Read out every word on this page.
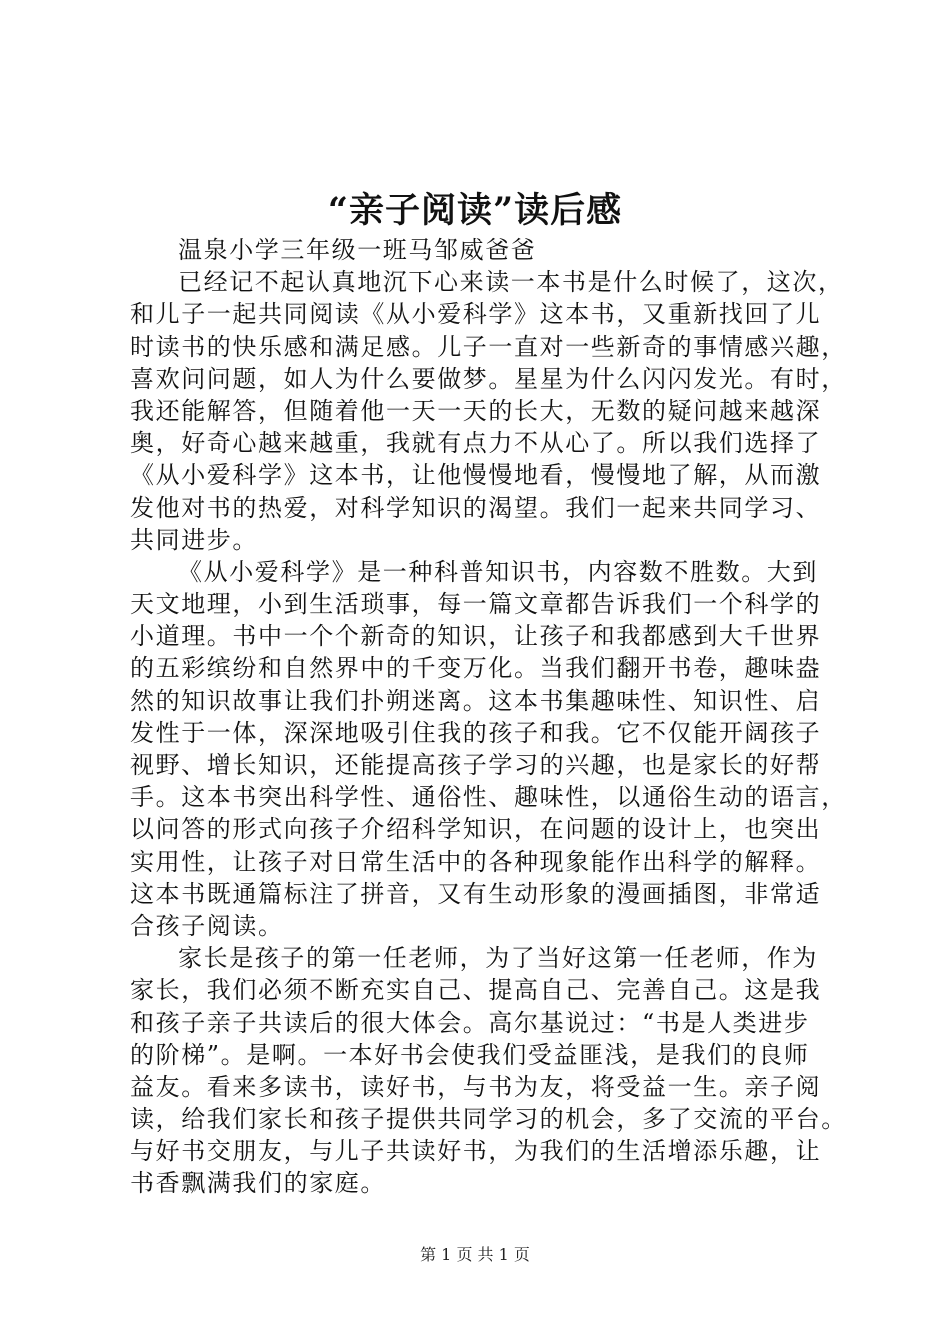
“亲子阅读”读后感
温泉小学三年级一班马邹威爸爸
已经记不起认真地沉下心来读一本书是什么时候了，这次，
和儿子一起共同阅读《从小爱科学》这本书，又重新找回了儿
时读书的快乐感和满足感。儿子一直对一些新奇的事情感兴趣，
喜欢问问题，如人为什么要做梦。星星为什么闪闪发光。有时，
我还能解答，但随着他一天一天的长大，无数的疑问越来越深
奥，好奇心越来越重，我就有点力不从心了。所以我们选择了
《从小爱科学》这本书，让他慢慢地看，慢慢地了解，从而激
发他对书的热爱，对科学知识的渴望。我们一起来共同学习、
共同进步。
《从小爱科学》是一种科普知识书，内容数不胜数。大到
天文地理，小到生活琐事，每一篇文章都告诉我们一个科学的
小道理。书中一个个新奇的知识，让孩子和我都感到大千世界
的五彩缤纷和自然界中的千变万化。当我们翻开书卷，趣味盎
然的知识故事让我们扑朔迷离。这本书集趣味性、知识性、启
发性于一体，深深地吸引住我的孩子和我。它不仅能开阔孩子
视野、增长知识，还能提高孩子学习的兴趣，也是家长的好帮
手。这本书突出科学性、通俗性、趣味性，以通俗生动的语言，
以问答的形式向孩子介绍科学知识，在问题的设计上，也突出
实用性，让孩子对日常生活中的各种现象能作出科学的解释。
这本书既通篇标注了拼音，又有生动形象的漫画插图，非常适
合孩子阅读。
家长是孩子的第一任老师，为了当好这第一任老师，作为
家长，我们必须不断充实自己、提高自己、完善自己。这是我
和孩子亲子共读后的很大体会。高尔基说过：“书是人类进步
的阶梯”。是啊。一本好书会使我们受益匪浅，是我们的良师
益友。看来多读书，读好书，与书为友，将受益一生。亲子阅
读，给我们家长和孩子提供共同学习的机会，多了交流的平台。
与好书交朋友，与儿子共读好书，为我们的生活增添乐趣，让
书香飘满我们的家庭。
第 1 页 共 1 页
